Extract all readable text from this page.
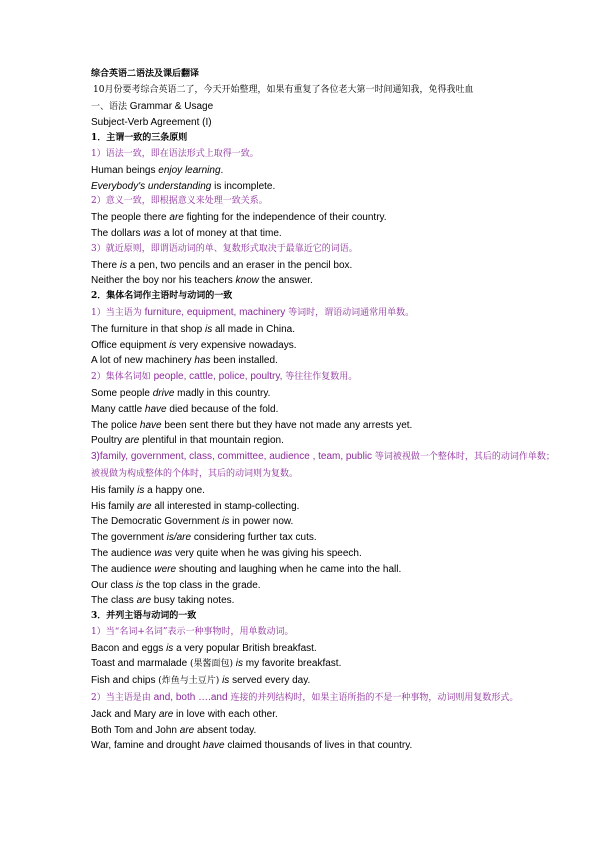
综合英语二语法及课后翻译
10月份要考综合英语二了，今天开始整理，如果有重复了各位老大第一时间通知我，免得我吐血
一、语法 Grammar & Usage
Subject-Verb Agreement (I)
1．主谓一致的三条原则
1）语法一致，即在语法形式上取得一致。
Human beings enjoy learning.
Everybody's understanding is incomplete.
2）意义一致，即根据意义来处理一致关系。
The people there are fighting for the independence of their country.
The dollars was a lot of money at that time.
3）就近原则，即谓语动词的单、复数形式取决于最靠近它的词语。
There is a pen, two pencils and an eraser in the pencil box.
Neither the boy nor his teachers know the answer.
2．集体名词作主语时与动词的一致
1）当主语为 furniture, equipment, machinery 等词时，谓语动词通常用单数。
The furniture in that shop is all made in China.
Office equipment is very expensive nowadays.
A lot of new machinery has been installed.
2）集体名词如 people, cattle, police, poultry, 等往往作复数用。
Some people drive madly in this country.
Many cattle have died because of the fold.
The police have been sent there but they have not made any arrests yet.
Poultry are plentiful in that mountain region.
3)family, government, class, committee, audience , team, public 等词被视做一个整体时，其后的动词作单数；被视做为构成整体的个体时，其后的动词则为复数。
His family is a happy one.
His family are all interested in stamp-collecting.
The Democratic Government is in power now.
The government is/are considering further tax cuts.
The audience was very quite when he was giving his speech.
The audience were shouting and laughing when he came into the hall.
Our class is the top class in the grade.
The class are busy taking notes.
3．并列主语与动词的一致
1）当“名词+名词”表示一种事物时，用单数动词。
Bacon and eggs is a very popular British breakfast.
Toast and marmalade (果酱面包) is my favorite breakfast.
Fish and chips (炸鱼与土豆片) is served every day.
2）当主语是由 and, both ….and 连接的并列结构时，如果主语所指的不是一种事物，动词则用复数形式。
Jack and Mary are in love with each other.
Both Tom and John are absent today.
War, famine and drought have claimed thousands of lives in that country.
